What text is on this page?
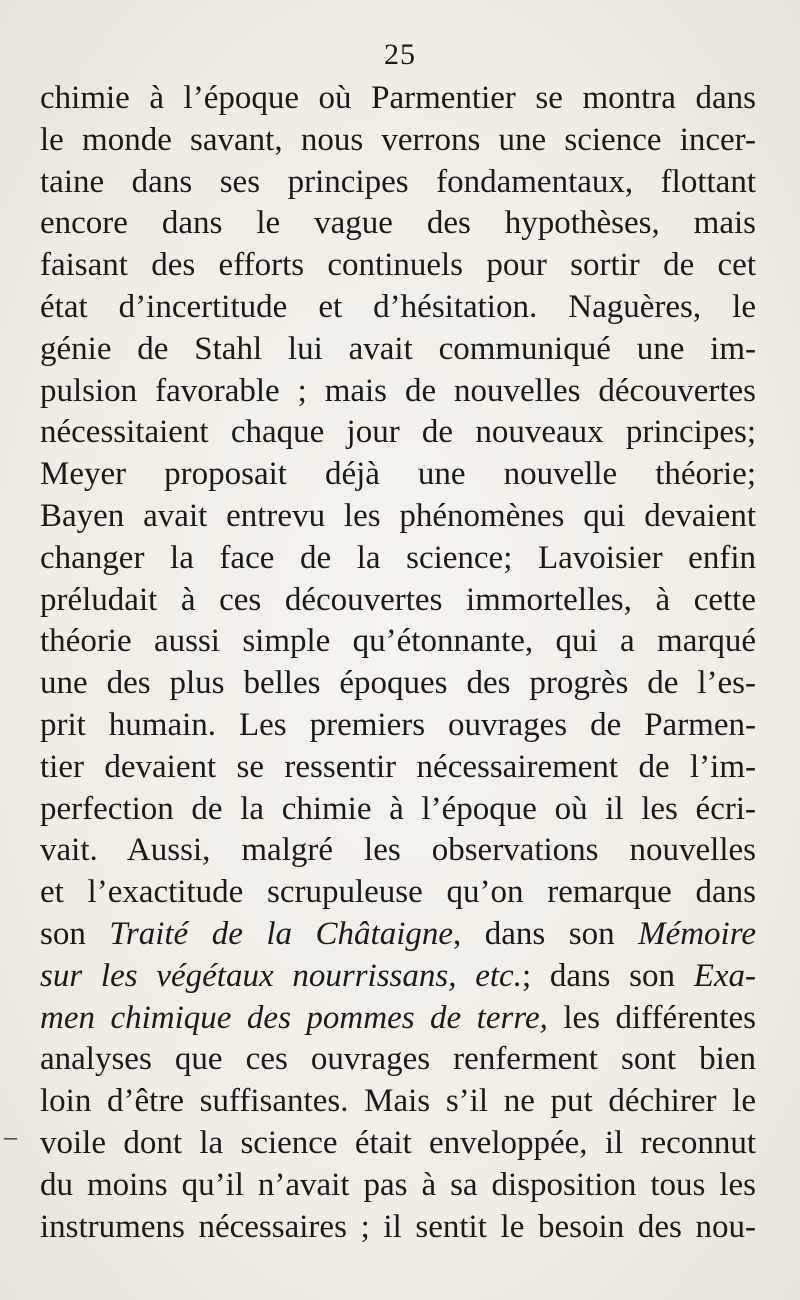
25
–
chimie à l’époque où Parmentier se montra dans
le monde savant, nous verrons une science incer-
taine dans ses principes fondamentaux, flottant
encore dans le vague des hypothèses, mais
faisant des efforts continuels pour sortir de cet
état d’incertitude et d’hésitation. Naguères, le
génie de Stahl lui avait communiqué une im-
pulsion favorable ; mais de nouvelles découvertes
nécessitaient chaque jour de nouveaux principes;
Meyer proposait déjà une nouvelle théorie;
Bayen avait entrevu les phénomènes qui devaient
changer la face de la science; Lavoisier enfin
préludait à ces découvertes immortelles, à cette
théorie aussi simple qu’étonnante, qui a marqué
une des plus belles époques des progrès de l’es-
prit humain. Les premiers ouvrages de Parmen-
tier devaient se ressentir nécessairement de l’im-
perfection de la chimie à l’époque où il les écri-
vait. Aussi, malgré les observations nouvelles
et l’exactitude scrupuleuse qu’on remarque dans
son Traité de la Châtaigne, dans son Mémoire
sur les végétaux nourrissans, etc.; dans son Exa-
men chimique des pommes de terre, les différentes
analyses que ces ouvrages renferment sont bien
loin d’être suffisantes. Mais s’il ne put déchirer le
voile dont la science était enveloppée, il reconnut
du moins qu’il n’avait pas à sa disposition tous les
instrumens nécessaires ; il sentit le besoin des nou-
